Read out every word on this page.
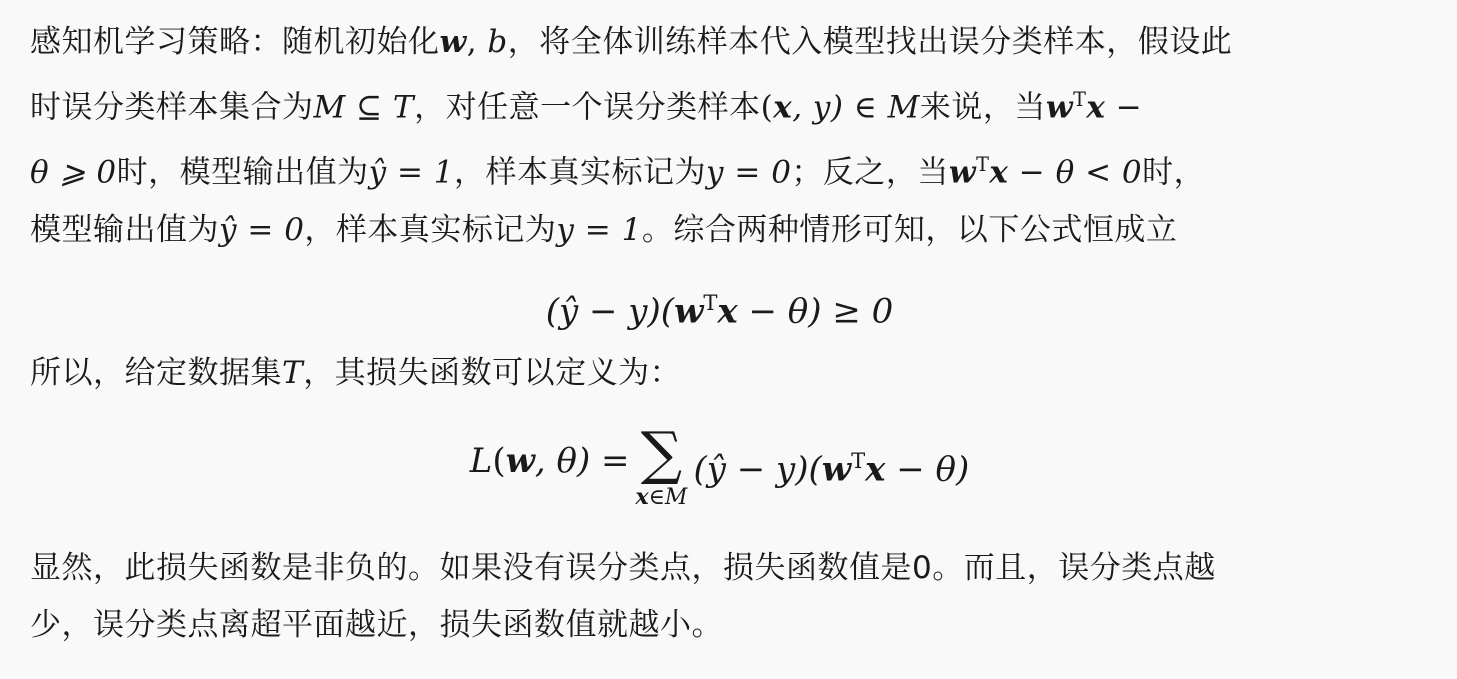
感知机学习策略：随机初始化w, b，将全体训练样本代入模型找出误分类样本，假设此
时误分类样本集合为M ⊆ T，对任意一个误分类样本(x, y) ∈ M来说，当$w^Tx$ −
θ ⩾ 0时，模型输出值为ŷ = 1，样本真实标记为y = 0；反之，当$w^Tx - \theta < 0$时，
模型输出值为ŷ = 0，样本真实标记为y = 1。综合两种情形可知，以下公式恒成立

(ŷ − $y)(w^Tx - \theta) \ge 0$

所以，给定数据集T，其损失函数可以定义为：

L(w, θ) = ∑
x∈M
(ŷ − $y)(w^Tx - \theta)$

显然，此损失函数是非负的。如果没有误分类点，损失函数值是0。而且，误分类点越
少，误分类点离超平面越近，损失函数值就越小。
